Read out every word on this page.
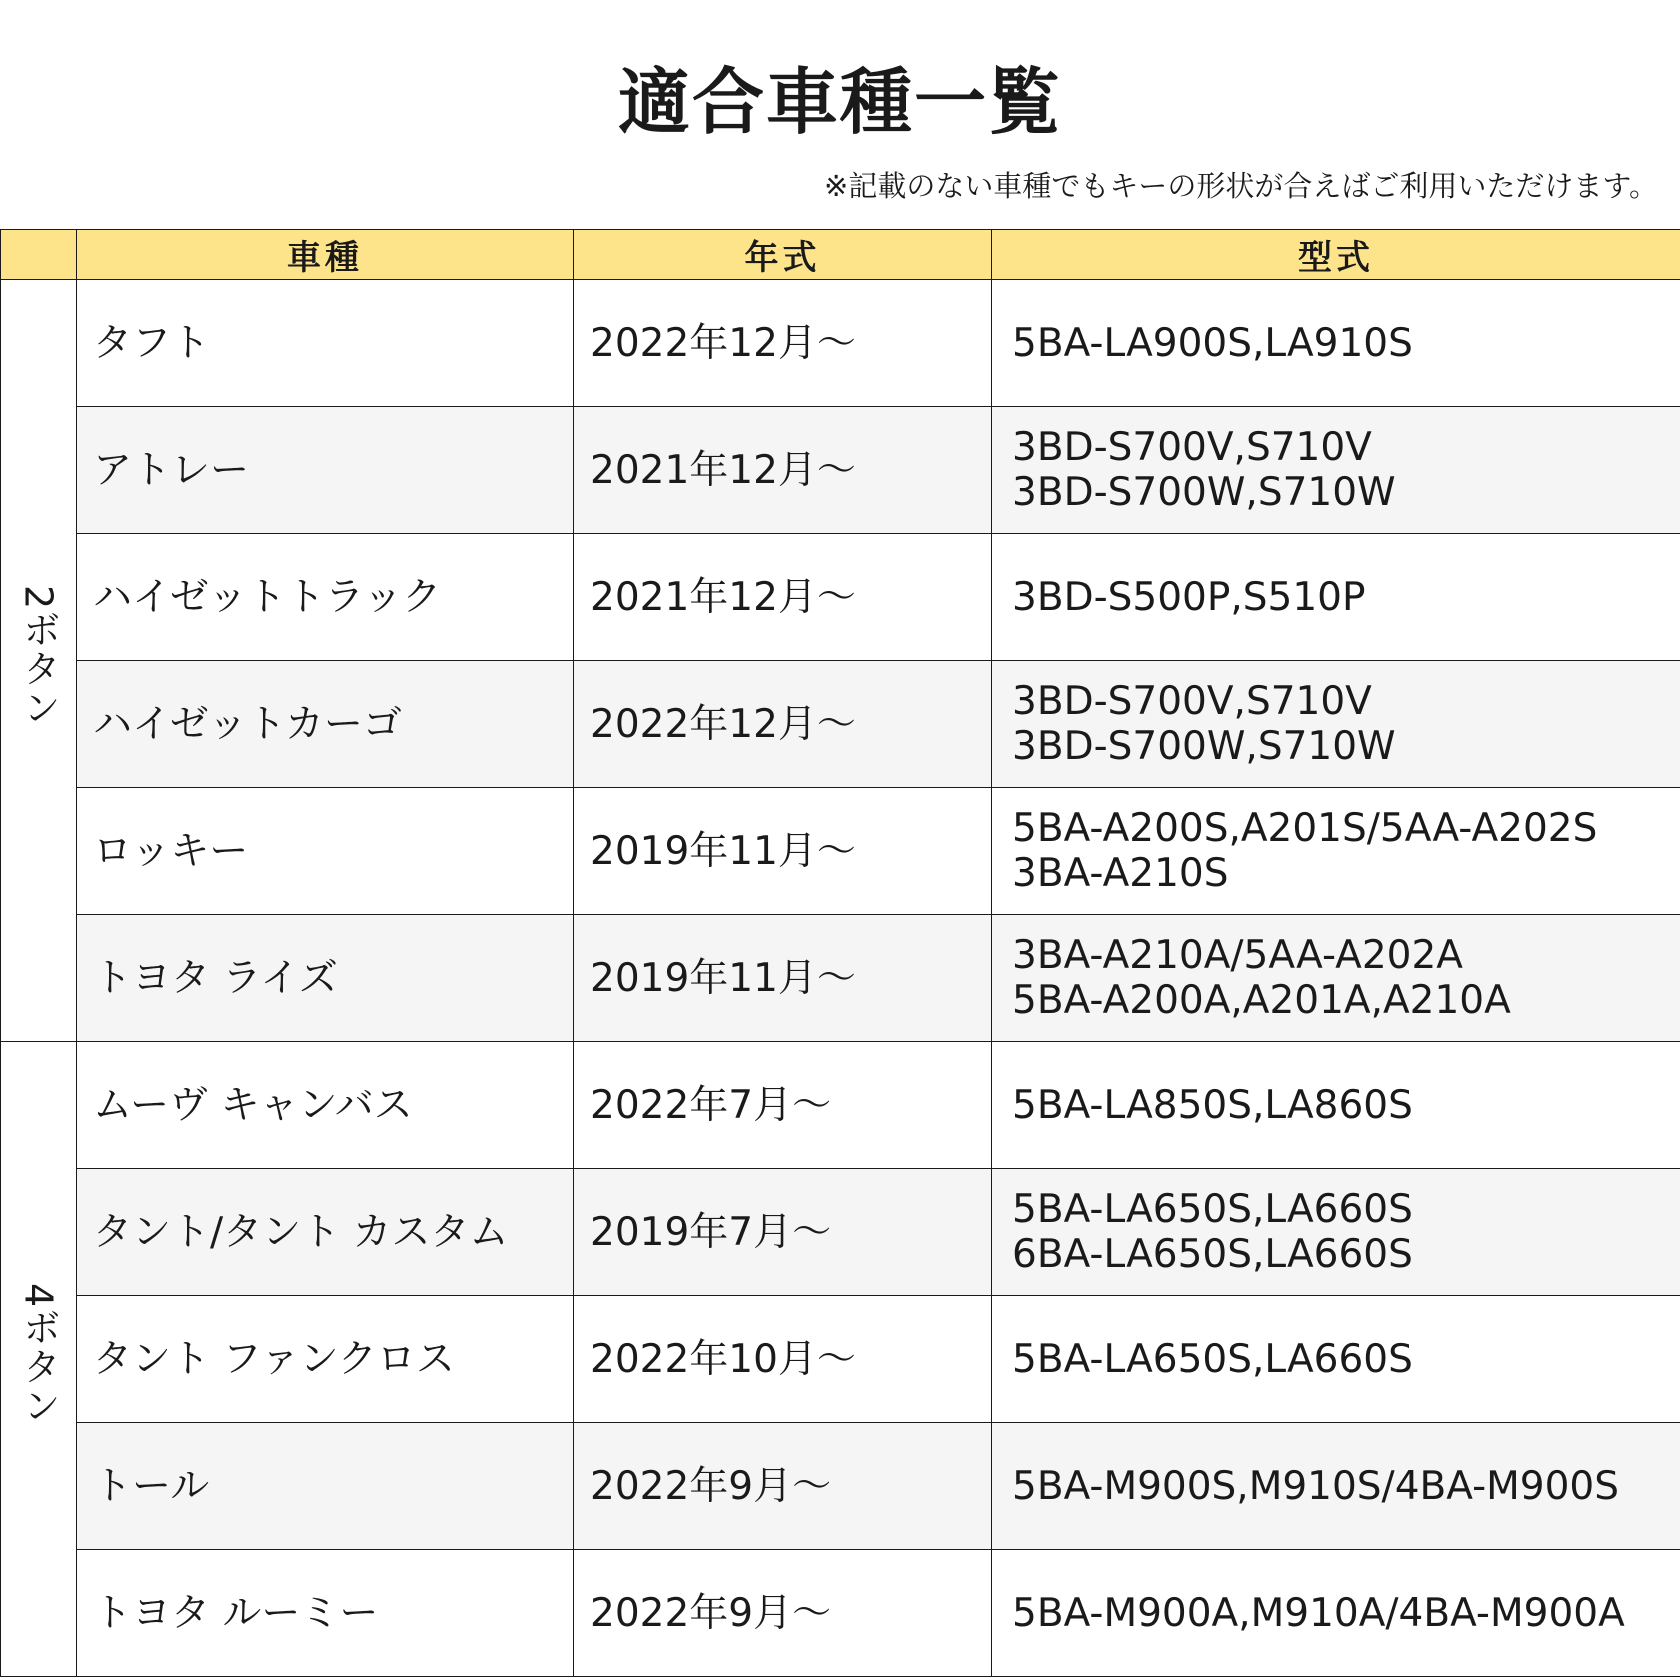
適合車種一覧
※記載のない車種でもキーの形状が合えばご利用いただけます。
	車種	年式	型式
2ボタン	タフト	2022年12月〜	5BA-LA900S,LA910S

	アトレー	2021年12月〜	3BD-S700V,S710V
3BD-S700W,S710W

	ハイゼットトラック	2021年12月〜	3BD-S500P,S510P

	ハイゼットカーゴ	2022年12月〜	3BD-S700V,S710V
3BD-S700W,S710W

	ロッキー	2019年11月〜	5BA-A200S,A201S/5AA-A202S
3BA-A210S

	トヨタ ライズ	2019年11月〜	3BA-A210A/5AA-A202A
5BA-A200A,A201A,A210A

4ボタン	ムーヴ キャンバス	2022年7月〜	5BA-LA850S,LA860S

	タント/タント カスタム	2019年7月〜	5BA-LA650S,LA660S
6BA-LA650S,LA660S

	タント ファンクロス	2022年10月〜	5BA-LA650S,LA660S

	トール	2022年9月〜	5BA-M900S,M910S/4BA-M900S

	トヨタ ルーミー	2022年9月〜	5BA-M900A,M910A/4BA-M900A
